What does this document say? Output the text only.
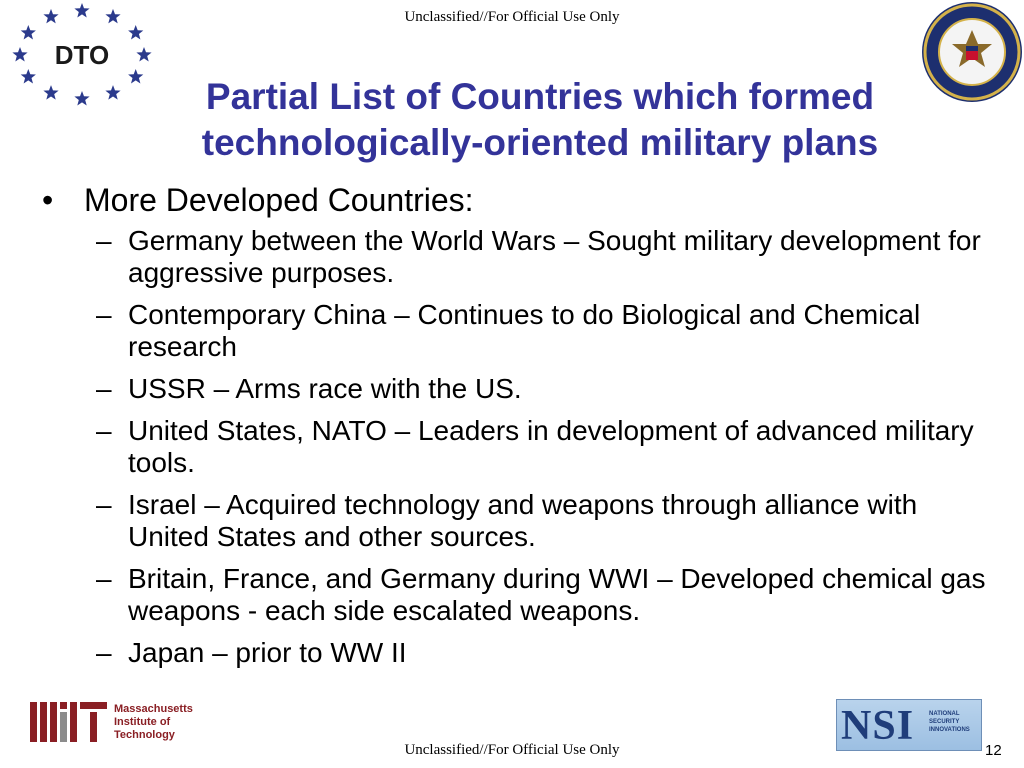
Unclassified//For Official Use Only
DTO
Partial List of Countries which formed
technologically-oriented military plans
• More Developed Countries:
– Germany between the World Wars – Sought military development for aggressive purposes.
– Contemporary China – Continues to do Biological and Chemical research
– USSR – Arms race with the US.
– United States, NATO – Leaders in development of advanced military tools.
– Israel – Acquired technology and weapons through alliance with United States and other sources.
– Britain, France, and Germany during WWI – Developed chemical gas weapons - each side escalated weapons.
– Japan – prior to WW II
Massachusetts
Institute of
Technology	NSI NATIONAL
SECURITY
INNOVATIONS
Unclassified//For Official Use Only	12
